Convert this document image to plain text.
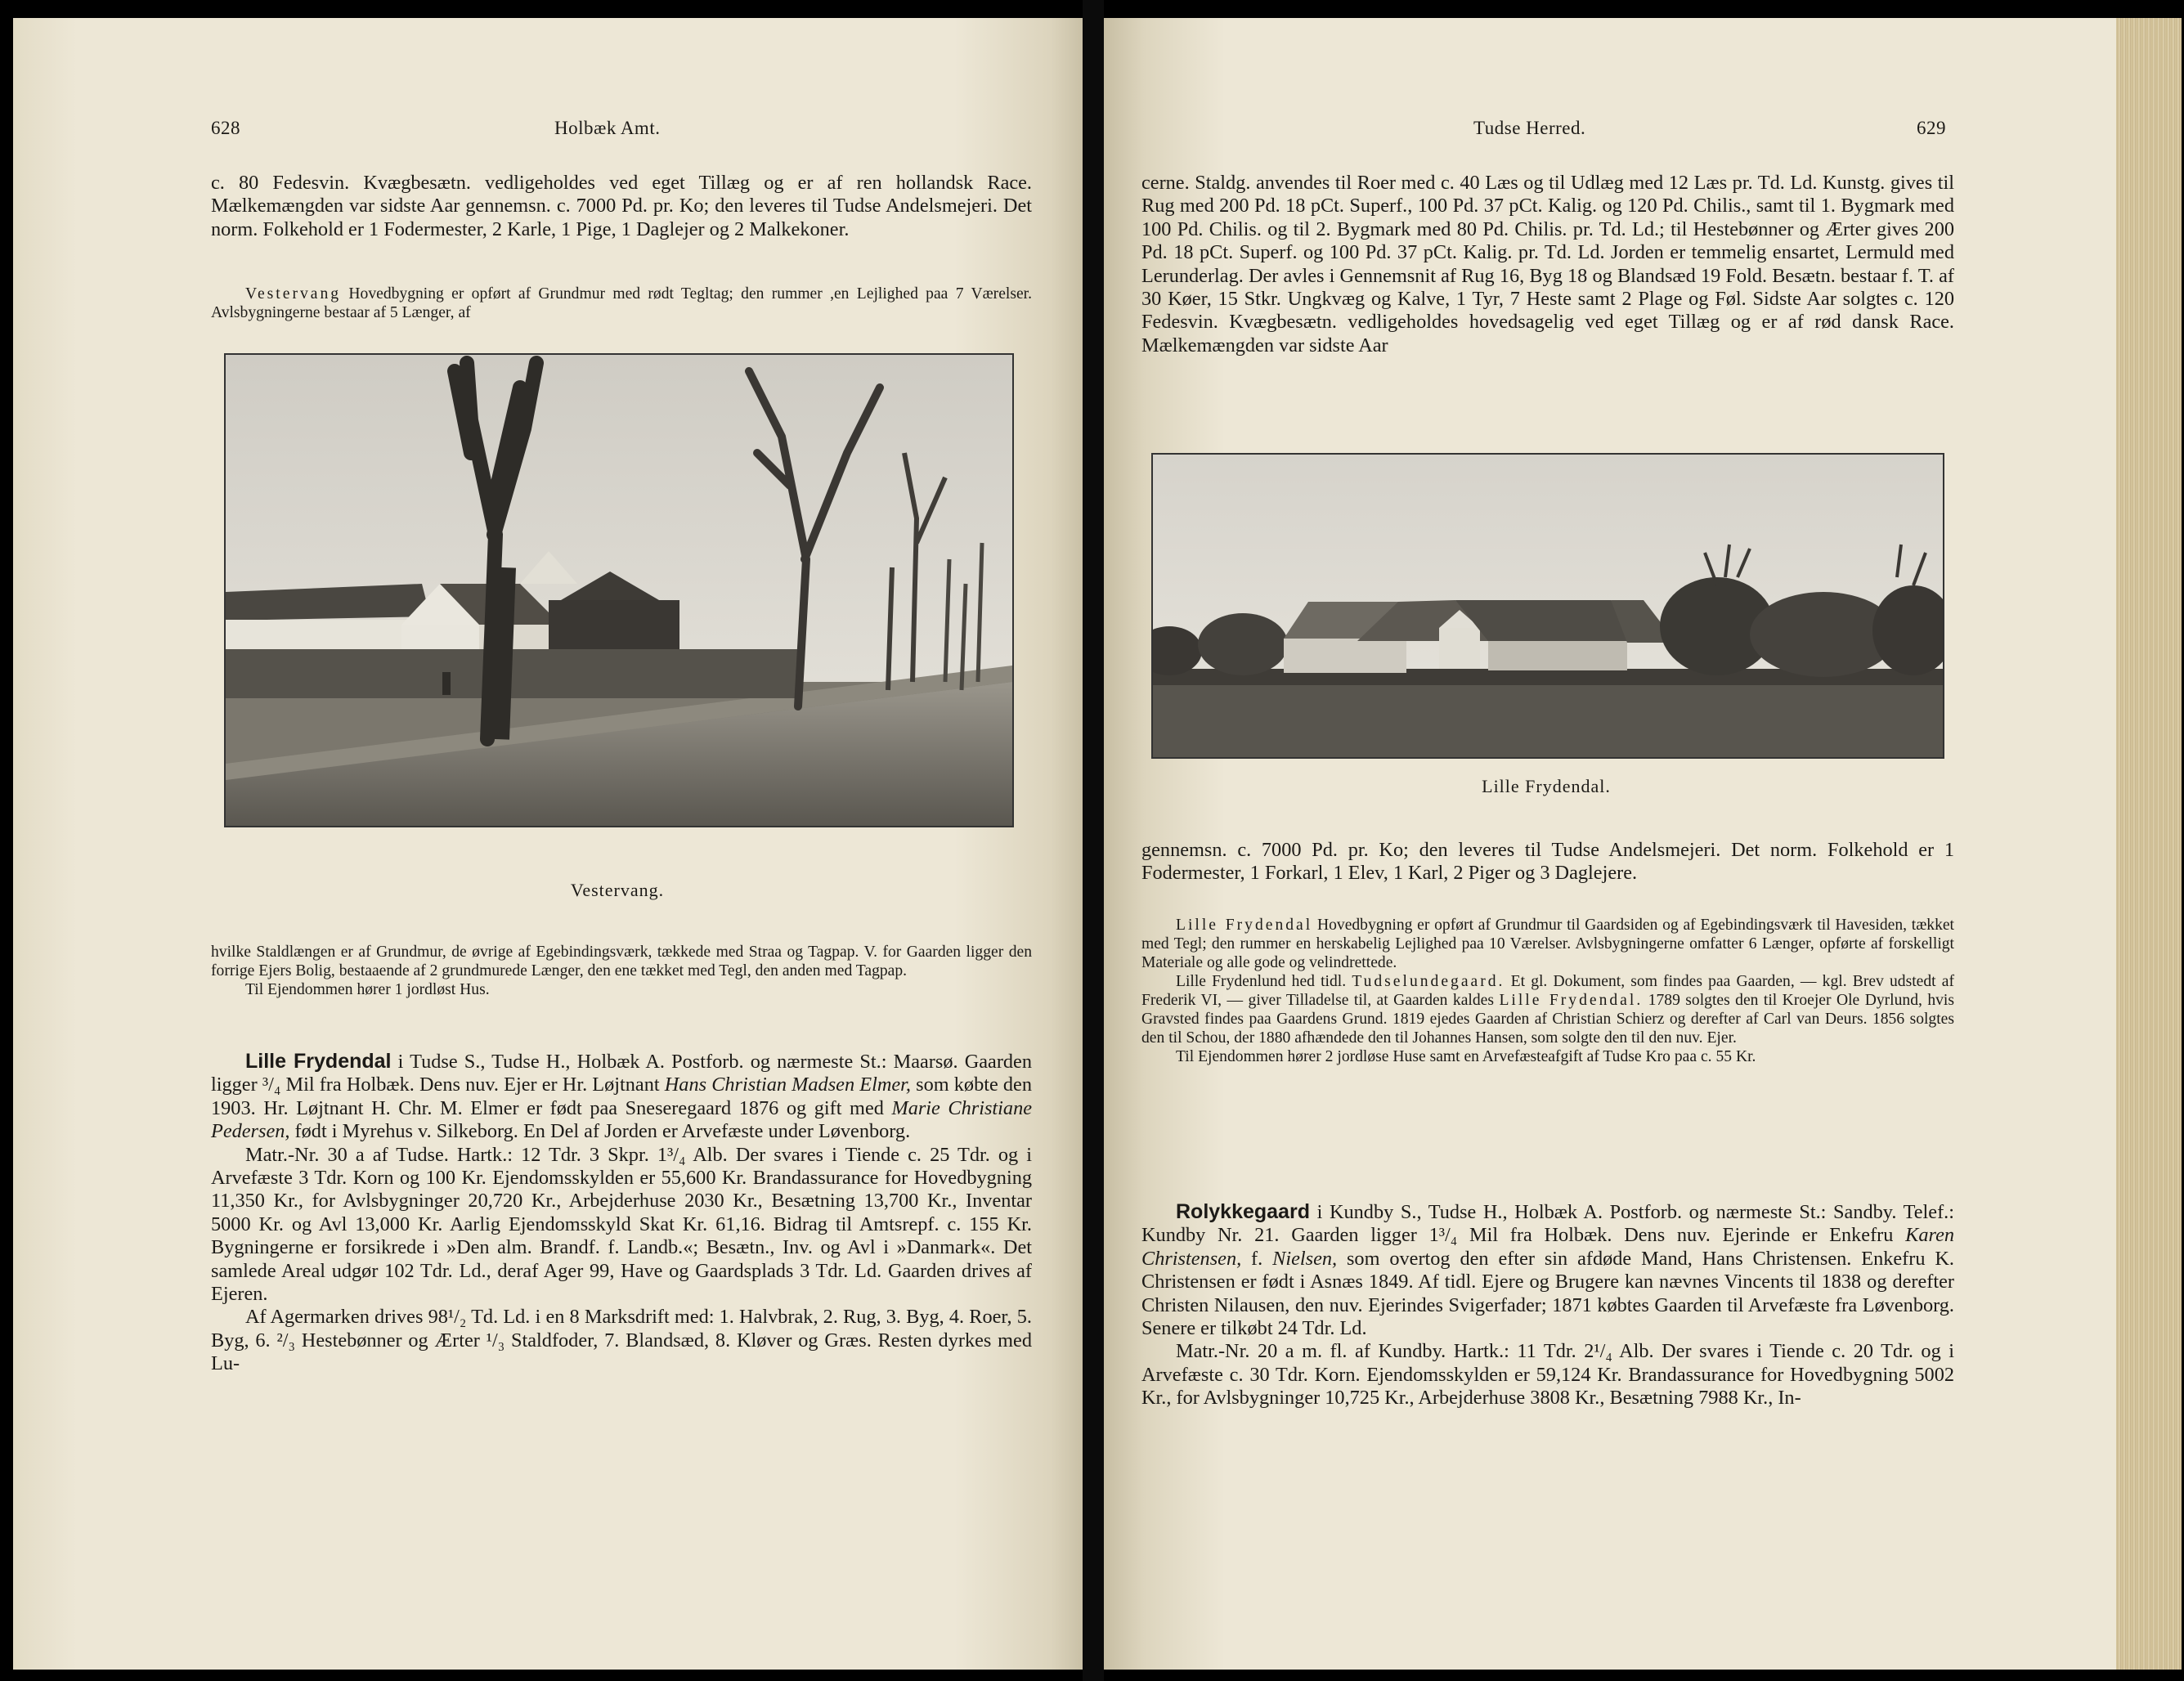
628	Holbæk Amt.

c. 80 Fedesvin. Kvægbesætn. vedligeholdes ved eget Tillæg og er af ren hollandsk Race. Mælkemængden var sidste Aar gennemsn. c. 7000 Pd. pr. Ko; den leveres til Tudse Andelsmejeri. Det norm. Folkehold er 1 Fodermester, 2 Karle, 1 Pige, 1 Daglejer og 2 Malkekoner.

Vestervang Hovedbygning er opført af Grundmur med rødt Tegltag; den rummer ,en Lejlighed paa 7 Værelser. Avlsbygningerne bestaar af 5 Længer, af

Vestervang.

hvilke Staldlængen er af Grundmur, de øvrige af Egebindingsværk, tækkede med Straa og Tagpap. V. for Gaarden ligger den forrige Ejers Bolig, bestaaende af 2 grundmurede Længer, den ene tækket med Tegl, den anden med Tagpap.

Til Ejendommen hører 1 jordløst Hus.

Lille Frydendal i Tudse S., Tudse H., Holbæk A. Postforb. og nærmeste St.: Maarsø. Gaarden ligger ³/₄ Mil fra Holbæk. Dens nuv. Ejer er Hr. Løjtnant Hans Christian Madsen Elmer, som købte den 1903. Hr. Løjtnant H. Chr. M. Elmer er født paa Sneseregaard 1876 og gift med Marie Christiane Pedersen, født i Myrehus v. Silkeborg. En Del af Jorden er Arvefæste under Løvenborg.

Matr.-Nr. 30 a af Tudse. Hartk.: 12 Tdr. 3 Skpr. 1³/₄ Alb. Der svares i Tiende c. 25 Tdr. og i Arvefæste 3 Tdr. Korn og 100 Kr. Ejendomsskylden er 55,600 Kr. Brandassurance for Hovedbygning 11,350 Kr., for Avlsbygninger 20,720 Kr., Arbejderhuse 2030 Kr., Besætning 13,700 Kr., Inventar 5000 Kr. og Avl 13,000 Kr. Aarlig Ejendomsskyld Skat Kr. 61,16. Bidrag til Amtsrepf. c. 155 Kr. Bygningerne er forsikrede i »Den alm. Brandf. f. Landb.«; Besætn., Inv. og Avl i »Danmark«. Det samlede Areal udgør 102 Tdr. Ld., deraf Ager 99, Have og Gaardsplads 3 Tdr. Ld. Gaarden drives af Ejeren.

Af Agermarken drives 98¹/₂ Td. Ld. i en 8 Marksdrift med: 1. Halvbrak, 2. Rug, 3. Byg, 4. Roer, 5. Byg, 6. ²/₃ Hestebønner og Ærter ¹/₃ Staldfoder, 7. Blandsæd, 8. Kløver og Græs. Resten dyrkes med Lu-

Tudse Herred.	629

cerne. Staldg. anvendes til Roer med c. 40 Læs og til Udlæg med 12 Læs pr. Td. Ld. Kunstg. gives til Rug med 200 Pd. 18 pCt. Superf., 100 Pd. 37 pCt. Kalig. og 120 Pd. Chilis., samt til 1. Bygmark med 100 Pd. Chilis. og til 2. Bygmark med 80 Pd. Chilis. pr. Td. Ld.; til Hestebønner og Ærter gives 200 Pd. 18 pCt. Superf. og 100 Pd. 37 pCt. Kalig. pr. Td. Ld. Jorden er temmelig ensartet, Lermuld med Lerunderlag. Der avles i Gennemsnit af Rug 16, Byg 18 og Blandsæd 19 Fold. Besætn. bestaar f. T. af 30 Køer, 15 Stkr. Ungkvæg og Kalve, 1 Tyr, 7 Heste samt 2 Plage og Føl. Sidste Aar solgtes c. 120 Fedesvin. Kvægbesætn. vedligeholdes hovedsagelig ved eget Tillæg og er af rød dansk Race. Mælkemængden var sidste Aar

Lille Frydendal.

gennemsn. c. 7000 Pd. pr. Ko; den leveres til Tudse Andelsmejeri. Det norm. Folkehold er 1 Fodermester, 1 Forkarl, 1 Elev, 1 Karl, 2 Piger og 3 Daglejere.

Lille Frydendal Hovedbygning er opført af Grundmur til Gaardsiden og af Egebindingsværk til Havesiden, tækket med Tegl; den rummer en herskabelig Lejlighed paa 10 Værelser. Avlsbygningerne omfatter 6 Længer, opførte af forskelligt Materiale og alle gode og velindrettede.

Lille Frydenlund hed tidl. Tudselundegaard. Et gl. Dokument, som findes paa Gaarden, — kgl. Brev udstedt af Frederik VI, — giver Tilladelse til, at Gaarden kaldes Lille Frydendal. 1789 solgtes den til Kroejer Ole Dyrlund, hvis Gravsted findes paa Gaardens Grund. 1819 ejedes Gaarden af Christian Schierz og derefter af Carl van Deurs. 1856 solgtes den til Schou, der 1880 afhændede den til Johannes Hansen, som solgte den til den nuv. Ejer.

Til Ejendommen hører 2 jordløse Huse samt en Arvefæsteafgift af Tudse Kro paa c. 55 Kr.

Rolykkegaard i Kundby S., Tudse H., Holbæk A. Postforb. og nærmeste St.: Sandby. Telef.: Kundby Nr. 21. Gaarden ligger 1³/₄ Mil fra Holbæk. Dens nuv. Ejerinde er Enkefru Karen Christensen, f. Nielsen, som overtog den efter sin afdøde Mand, Hans Christensen. Enkefru K. Christensen er født i Asnæs 1849. Af tidl. Ejere og Brugere kan nævnes Vincents til 1838 og derefter Christen Nilausen, den nuv. Ejerindes Svigerfader; 1871 købtes Gaarden til Arvefæste fra Løvenborg. Senere er tilkøbt 24 Tdr. Ld.

Matr.-Nr. 20 a m. fl. af Kundby. Hartk.: 11 Tdr. 2¹/₄ Alb. Der svares i Tiende c. 20 Tdr. og i Arvefæste c. 30 Tdr. Korn. Ejendomsskylden er 59,124 Kr. Brandassurance for Hovedbygning 5002 Kr., for Avlsbygninger 10,725 Kr., Arbejderhuse 3808 Kr., Besætning 7988 Kr., In-
